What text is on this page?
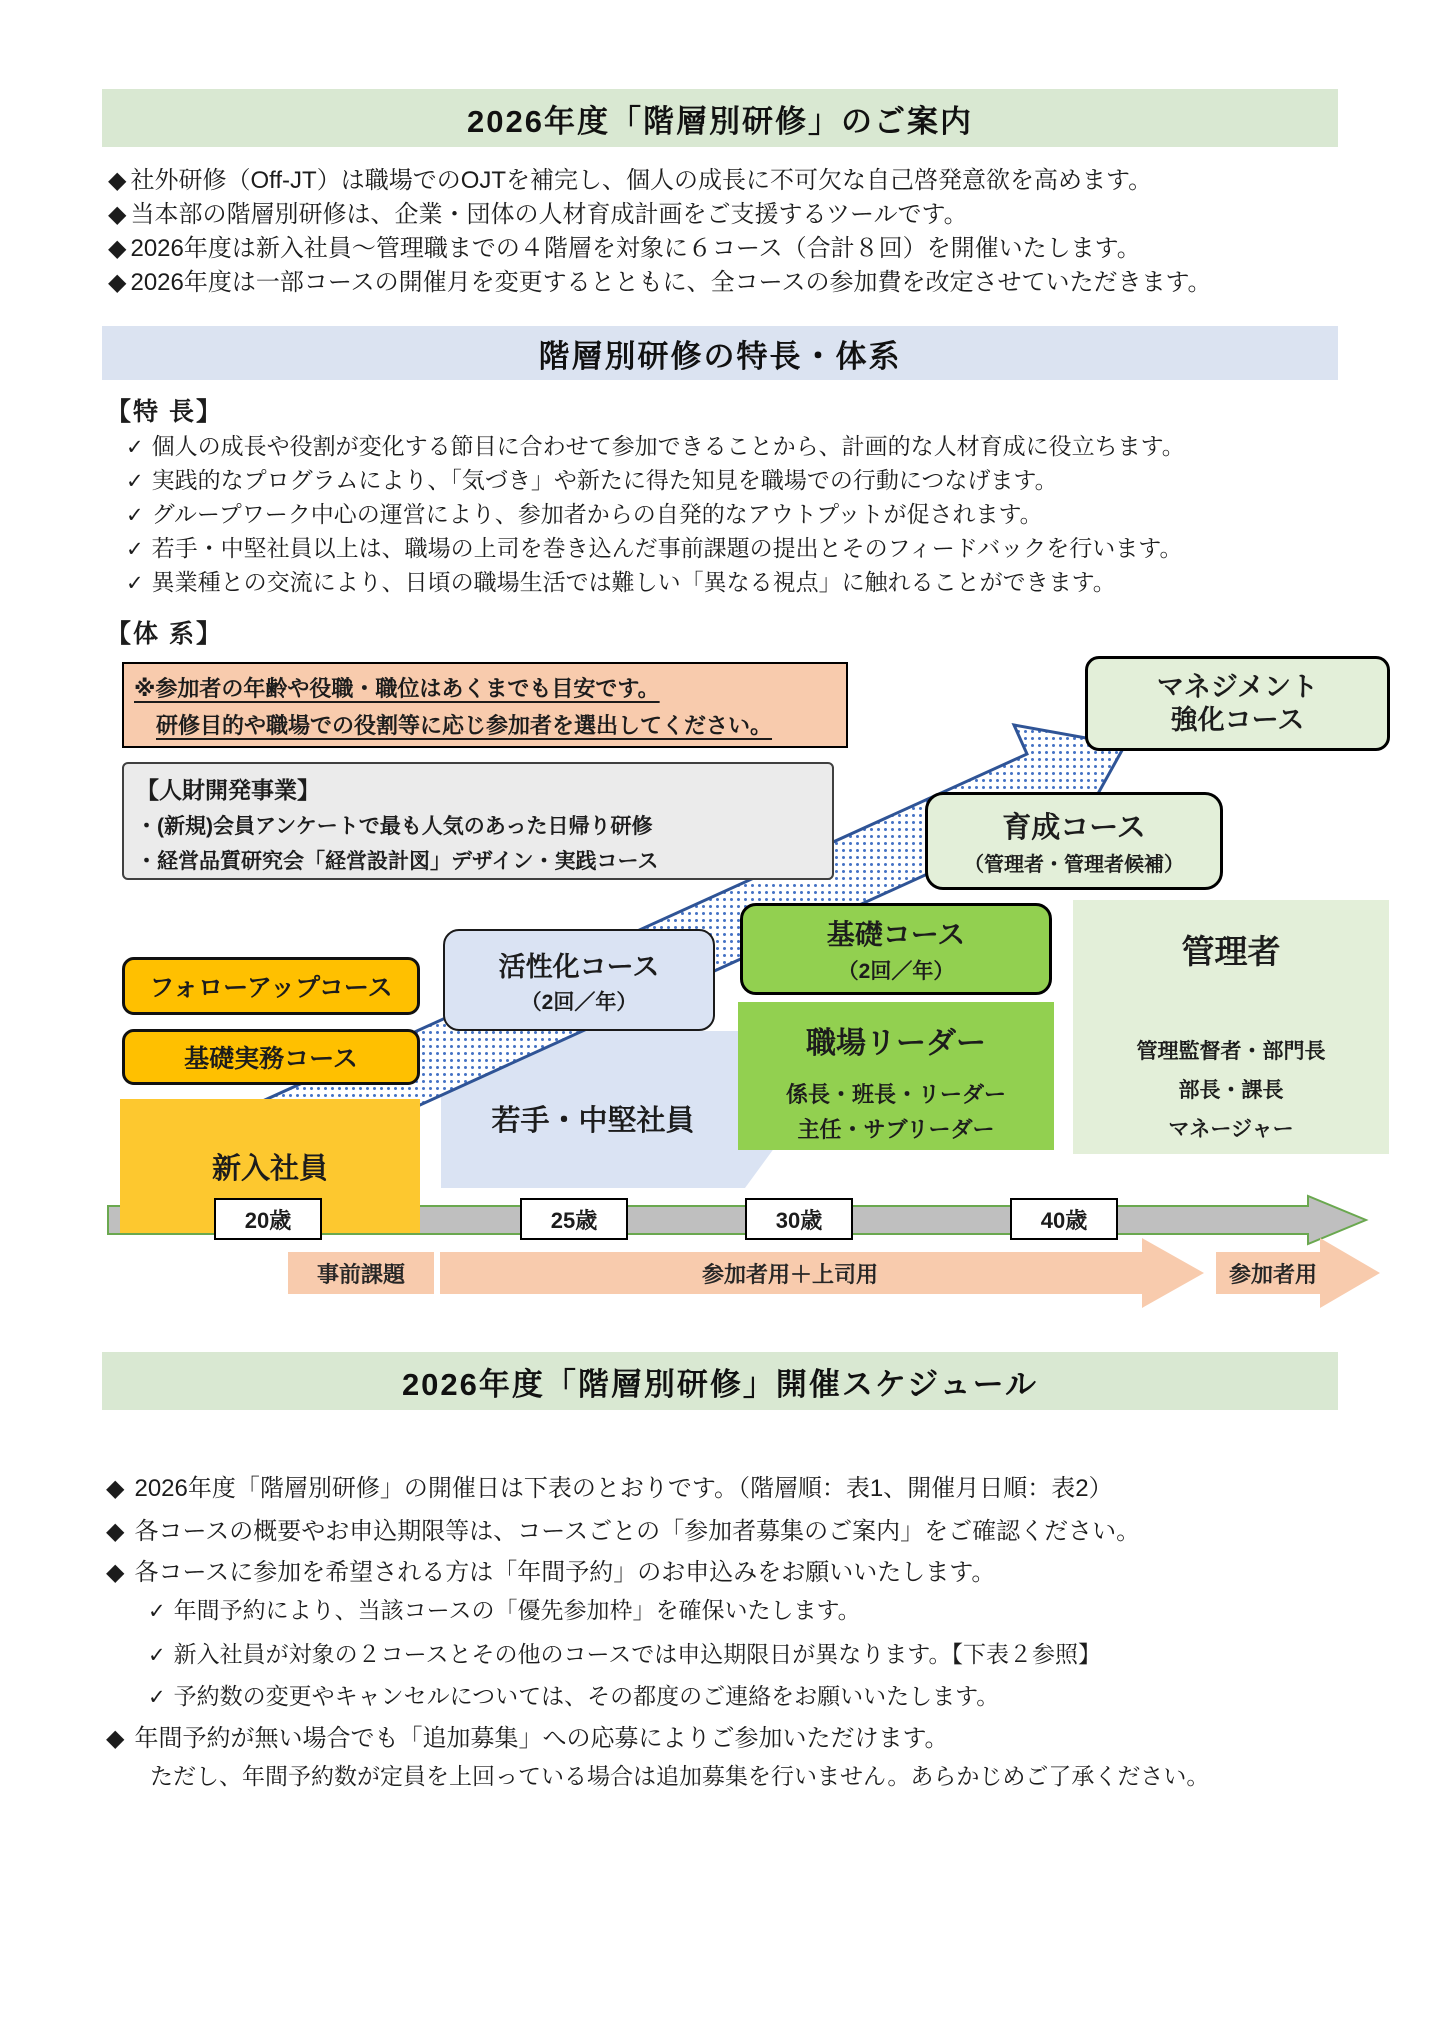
2026年度「階層別研修」のご案内
◆ 社外研修（Off-JT）は職場でのOJTを補完し、個人の成長に不可欠な自己啓発意欲を高めます。
◆ 当本部の階層別研修は、企業・団体の人材育成計画をご支援するツールです。
◆ 2026年度は新入社員～管理職までの４階層を対象に６コース（合計８回）を開催いたします。
◆ 2026年度は一部コースの開催月を変更するとともに、全コースの参加費を改定させていただきます。
階層別研修の特長・体系
【特 長】
✓ 個人の成長や役割が変化する節目に合わせて参加できることから、計画的な人材育成に役立ちます。
✓ 実践的なプログラムにより、「気づき」や新たに得た知見を職場での行動につなげます。
✓ グループワーク中心の運営により、参加者からの自発的なアウトプットが促されます。
✓ 若手・中堅社員以上は、職場の上司を巻き込んだ事前課題の提出とそのフィードバックを行います。
✓ 異業種との交流により、日頃の職場生活では難しい「異なる視点」に触れることができます。
【体 系】
※参加者の年齢や役職・職位はあくまでも目安です。
研修目的や職場での役割等に応じ参加者を選出してください。
【人財開発事業】
・(新規)会員アンケートで最も人気のあった日帰り研修
・経営品質研究会「経営設計図」デザイン・実践コース
マネジメント
強化コース
育成コース
（管理者・管理者候補）
基礎コース
（2回／年）
職場リーダー
係長・班長・リーダー
主任・サブリーダー
管理者
管理監督者・部門長
部長・課長
マネージャー
活性化コース
（2回／年）
フォローアップコース
基礎実務コース
新入社員
若手・中堅社員
20歳	25歳	30歳	40歳
事前課題	参加者用＋上司用	参加者用
2026年度「階層別研修」開催スケジュール
◆ 2026年度「階層別研修」の開催日は下表のとおりです。（階層順：表1、開催月日順：表2）
◆ 各コースの概要やお申込期限等は、コースごとの「参加者募集のご案内」をご確認ください。
◆ 各コースに参加を希望される方は「年間予約」のお申込みをお願いいたします。
✓ 年間予約により、当該コースの「優先参加枠」を確保いたします。
✓ 新入社員が対象の２コースとその他のコースでは申込期限日が異なります。【下表２参照】
✓ 予約数の変更やキャンセルについては、その都度のご連絡をお願いいたします。
◆ 年間予約が無い場合でも「追加募集」への応募によりご参加いただけます。
ただし、年間予約数が定員を上回っている場合は追加募集を行いません。あらかじめご了承ください。
